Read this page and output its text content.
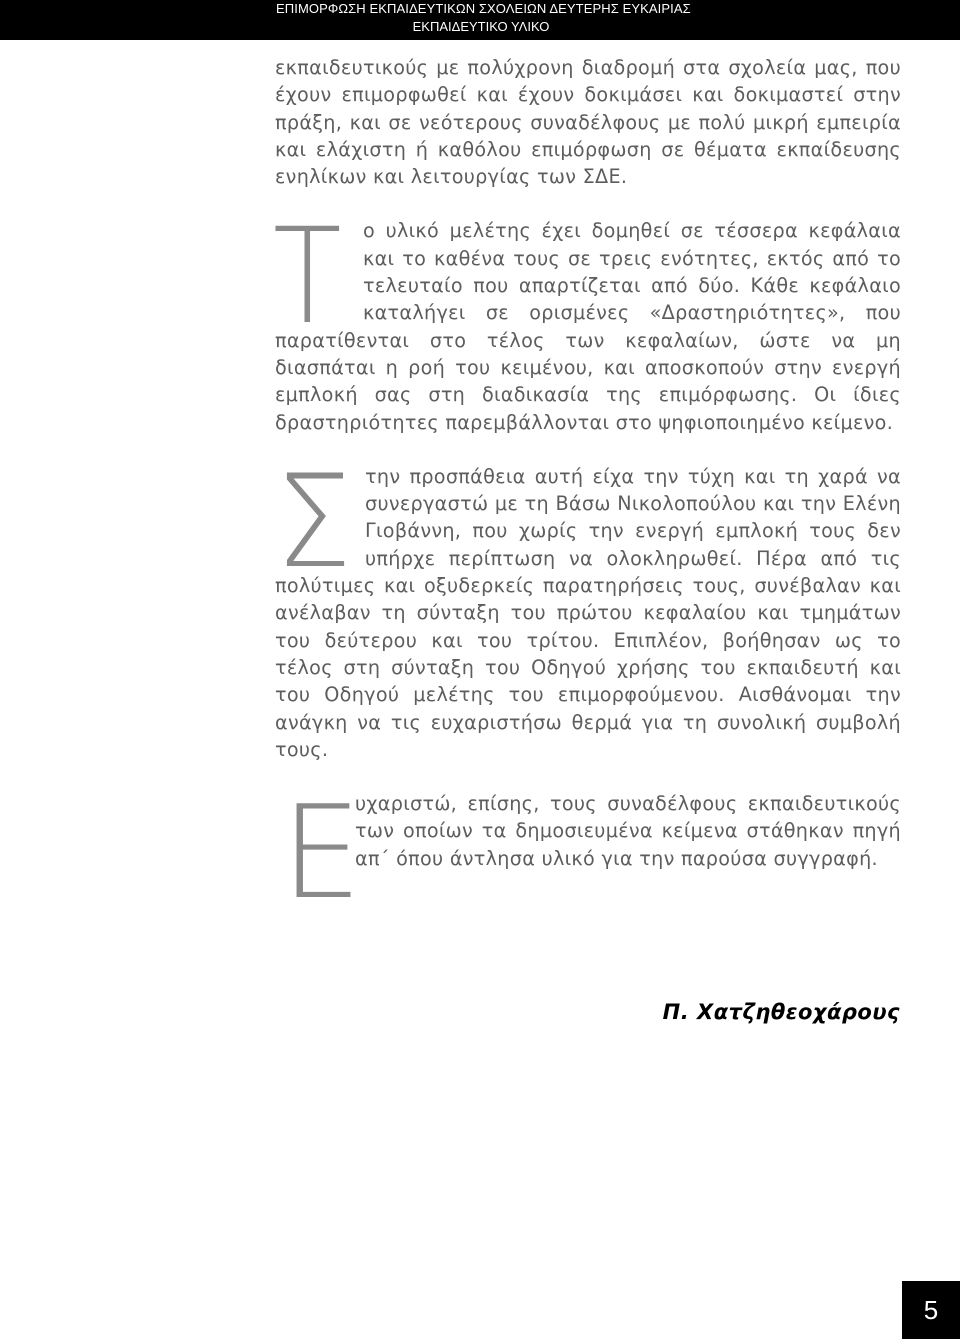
ΕΠΙΜΟΡΦΩΣΗ ΕΚΠΑΙΔΕΥΤΙΚΩΝ ΣΧΟΛΕΙΩΝ ΔΕΥΤΕΡΗΣ ΕΥΚΑΙΡΙΑΣ
ΕΚΠΑΙΔΕΥΤΙΚΟ ΥΛΙΚΟ

εκπαιδευτικούς με πολύχρονη διαδρομή στα σχολεία μας, που έχουν επιμορφωθεί και έχουν δοκιμάσει και δοκιμαστεί στην πράξη, και σε νεότερους συναδέλφους με πολύ μικρή εμπειρία και ελάχιστη ή καθόλου επιμόρφωση σε θέματα εκπαίδευσης ενηλίκων και λειτουργίας των ΣΔΕ.

Τ ο υλικό μελέτης έχει δομηθεί σε τέσσερα κεφάλαια και το καθένα τους σε τρεις ενότητες, εκτός από το τελευταίο που απαρτίζεται από δύο. Κάθε κεφάλαιο καταλήγει σε ορισμένες «Δραστηριότητες», που παρατίθενται στο τέλος των κεφαλαίων, ώστε να μη διασπάται η ροή του κειμένου, και αποσκοπούν στην ενεργή εμπλοκή σας στη διαδικασία της επιμόρφωσης. Οι ίδιες δραστηριότητες παρεμβάλλονται στο ψηφιοποιημένο κείμενο.

Στην προσπάθεια αυτή είχα την τύχη και τη χαρά να συνεργαστώ με τη Βάσω Νικολοπούλου και την Ελένη Γιοβάννη, που χωρίς την ενεργή εμπλοκή τους δεν υπήρχε περίπτωση να ολοκληρωθεί. Πέρα από τις πολύτιμες και οξυδερκείς παρατηρήσεις τους, συνέβαλαν και ανέλαβαν τη σύνταξη του πρώτου κεφαλαίου και τμημάτων του δεύτερου και του τρίτου. Επιπλέον, βοήθησαν ως το τέλος στη σύνταξη του Οδηγού χρήσης του εκπαιδευτή και του Οδηγού μελέτης του επιμορφούμενου. Αισθάνομαι την ανάγκη να τις ευχαριστήσω θερμά για τη συνολική συμβολή τους.

Ε
υχαριστώ, επίσης, τους συναδέλφους εκπαιδευτικούς των οποίων τα δημοσιευμένα κείμενα στάθηκαν πηγή απ΄ όπου άντλησα υλικό για την παρούσα συγγραφή.

Π. Χατζηθεοχάρους
5
